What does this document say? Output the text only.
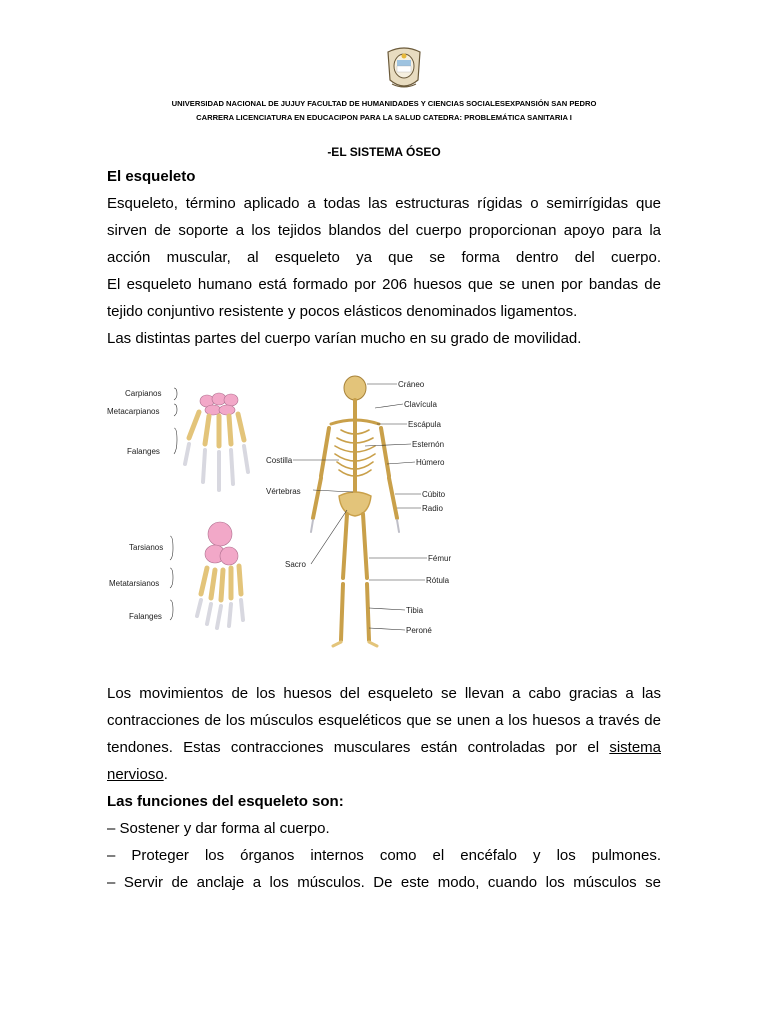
UNIVERSIDAD NACIONAL DE JUJUY FACULTAD DE HUMANIDADES Y CIENCIAS SOCIALESEXPANSIÓN SAN PEDRO
CARRERA LICENCIATURA EN EDUCACIPON PARA LA SALUD CATEDRA: PROBLEMÁTICA SANITARIA I
-EL SISTEMA ÓSEO
El esqueleto
Esqueleto, término aplicado a todas las estructuras rígidas o semirrígidas que
sirven de soporte a los tejidos blandos del cuerpo proporcionan apoyo para la
acción muscular, al esqueleto ya que se forma dentro del cuerpo.
El esqueleto humano está formado por 206 huesos que se unen por bandas de
tejido conjuntivo resistente y pocos elásticos denominados ligamentos.
Las distintas partes del cuerpo varían mucho en su grado de movilidad.
Carpianos
Metacarpianos
Falanges
Tarsianos
Metatarsianos
Falanges
Cráneo
Clavícula
Escápula
Esternón
Húmero
Cúbito
Radio
Fémur
Rótula
Tibia
Peroné
Costilla
Vértebras
Sacro
Los movimientos de los huesos del esqueleto se llevan a cabo gracias a las
contracciones de los músculos esqueléticos que se unen a los huesos a través de
tendones. Estas contracciones musculares están controladas por el sistema
nervioso.
Las funciones del esqueleto son:
– Sostener y dar forma al cuerpo.
– Proteger los órganos internos como el encéfalo y los pulmones.
– Servir de anclaje a los músculos. De este modo, cuando los músculos se
